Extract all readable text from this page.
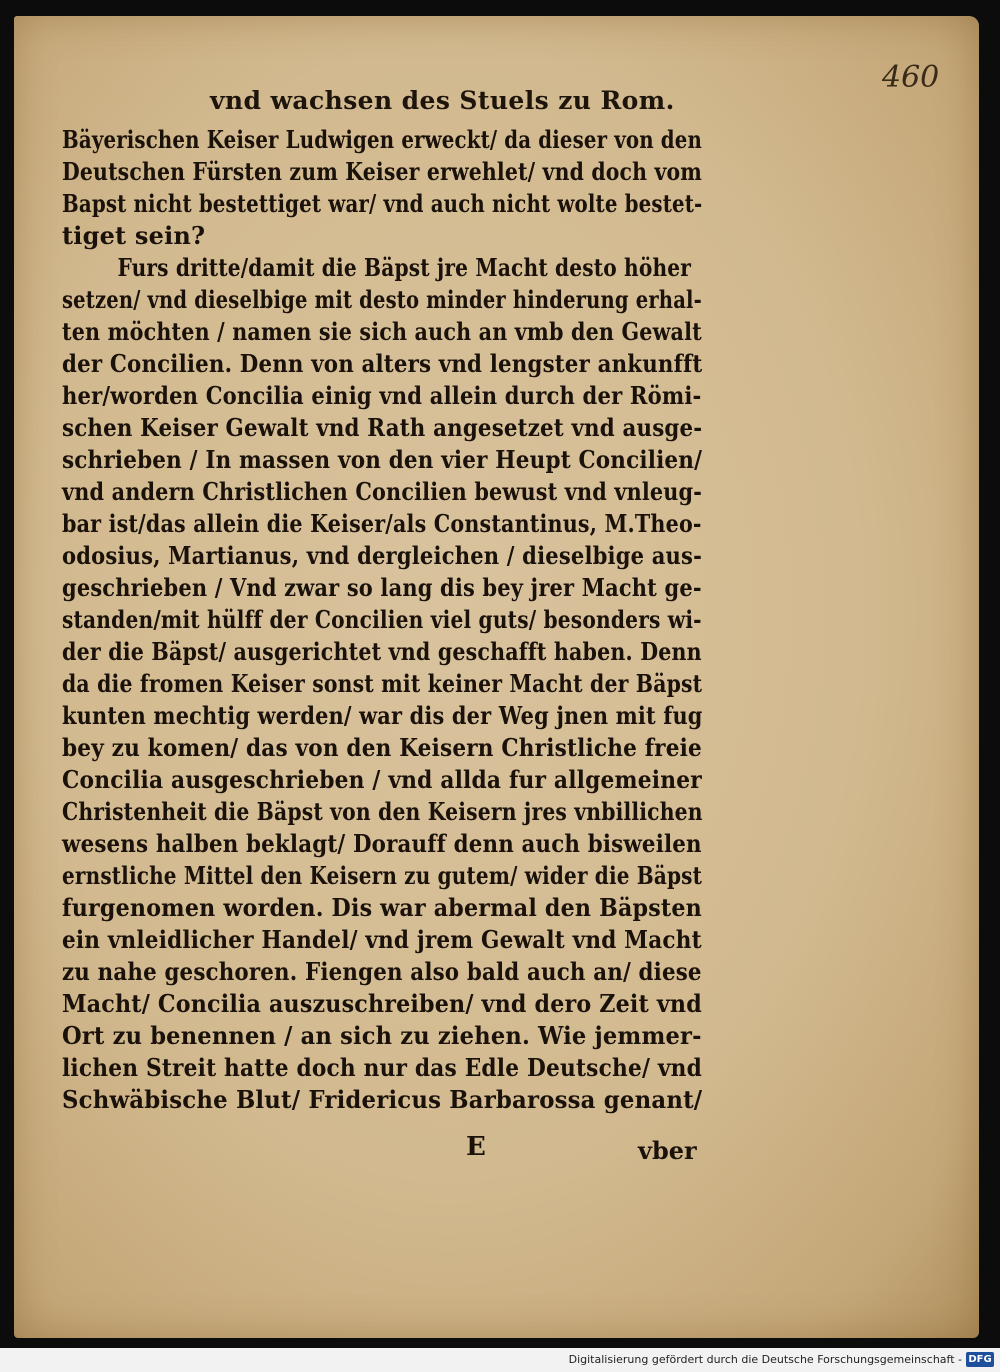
460
vnd wachsen des Stuels zu Rom.
Bäyerischen Keiser Ludwigen erweckt/ da dieser von den
Deutschen Fürsten zum Keiser erwehlet/ vnd doch vom
Bapst nicht bestettiget war/ vnd auch nicht wolte bestet-
tiget sein?
Furs dritte/damit die Bäpst jre Macht desto höher
setzen/ vnd dieselbige mit desto minder hinderung erhal-
ten möchten / namen sie sich auch an vmb den Gewalt
der Concilien. Denn von alters vnd lengster ankunfft
her/worden Concilia einig vnd allein durch der Römi-
schen Keiser Gewalt vnd Rath angesetzet vnd ausge-
schrieben / In massen von den vier Heupt Concilien/
vnd andern Christlichen Concilien bewust vnd vnleug-
bar ist/das allein die Keiser/als Constantinus, M.Theo-
odosius, Martianus, vnd dergleichen / dieselbige aus-
geschrieben / Vnd zwar so lang dis bey jrer Macht ge-
standen/mit hülff der Concilien viel guts/ besonders wi-
der die Bäpst/ ausgerichtet vnd geschafft haben. Denn
da die fromen Keiser sonst mit keiner Macht der Bäpst
kunten mechtig werden/ war dis der Weg jnen mit fug
bey zu komen/ das von den Keisern Christliche freie
Concilia ausgeschrieben / vnd allda fur allgemeiner
Christenheit die Bäpst von den Keisern jres vnbillichen
wesens halben beklagt/ Dorauff denn auch bisweilen
ernstliche Mittel den Keisern zu gutem/ wider die Bäpst
furgenomen worden. Dis war abermal den Bäpsten
ein vnleidlicher Handel/ vnd jrem Gewalt vnd Macht
zu nahe geschoren. Fiengen also bald auch an/ diese
Macht/ Concilia auszuschreiben/ vnd dero Zeit vnd
Ort zu benennen / an sich zu ziehen. Wie jemmer-
lichen Streit hatte doch nur das Edle Deutsche/ vnd
Schwäbische Blut/ Fridericus Barbarossa genant/
E	vber
Digitalisierung gefördert durch die Deutsche Forschungsgemeinschaft - DFG
